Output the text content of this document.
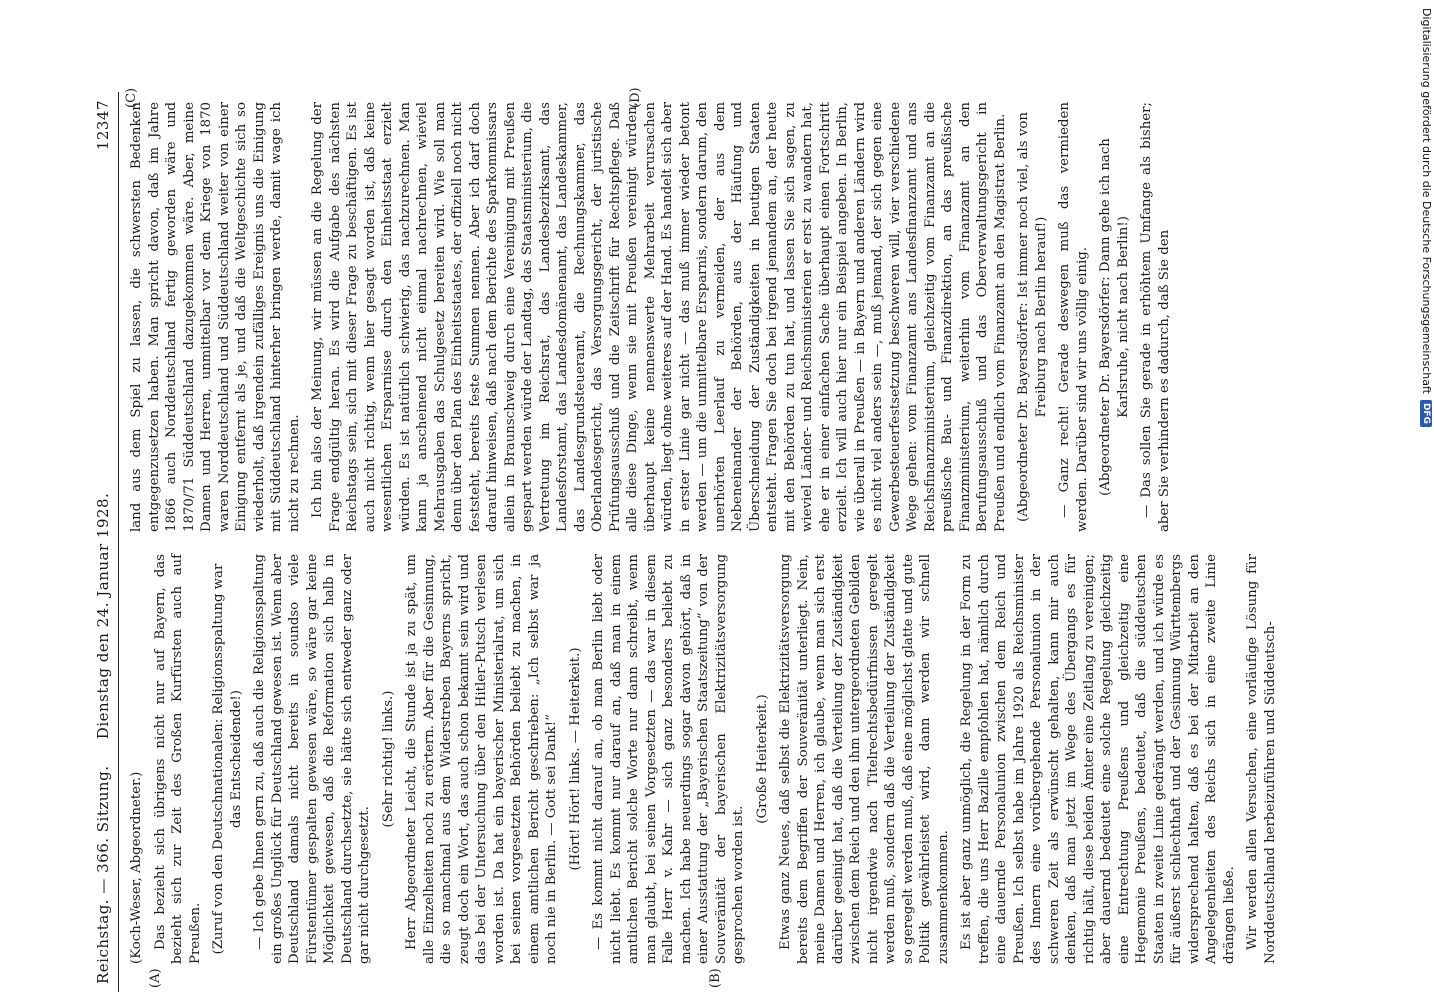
Reichstag. — 366. Sitzung.     Dienstag den 24. Januar 1928.
12347
(A)	(B)
(C)	(D)

(Koch-Weser, Abgeordneter.) Das bezieht sich übrigens nicht nur auf Bayern, das bezieht sich zur Zeit des Großen Kurfürsten auch auf Preußen. (Zuruf von den Deutschnationalen: Religionsspaltung war das Entscheidende!) — Ich gebe Ihnen gern zu, daß auch die Religionsspaltung ein großes Unglück für Deutschland gewesen ist. Wenn aber Deutschland damals nicht bereits in soundso viele Fürstentümer gespalten gewesen wäre, so wäre gar keine Möglichkeit gewesen, daß die Reformation sich halb in Deutschland durchsetzte, sie hätte sich entweder ganz oder gar nicht durchgesetzt.

(Sehr richtig! links.) Herr Abgeordneter Leicht, die Stunde ist ja zu spät, um alle Einzelheiten noch zu erörtern. Aber für die Gesinnung, die so manchmal aus dem Widerstreben Bayerns spricht, zeugt doch ein Wort, das auch schon bekannt sein wird und das bei der Untersuchung über den Hitler-Putsch verlesen worden ist. Da hat ein bayerischer Ministerialrat, um sich bei seinen vorgesetzten Behörden beliebt zu machen, in einem amtlichen Bericht geschrieben: „Ich selbst war ja noch nie in Berlin. — Gott sei Dank!“ (Hört! Hört! links. — Heiterkeit.) — Es kommt nicht darauf an, ob man Berlin liebt oder nicht liebt. Es kommt nur darauf an, daß man in einem amtlichen Bericht solche Worte nur dann schreibt, wenn man glaubt, bei seinen Vorgesetzten — das war in diesem Falle Herr v. Kahr — sich ganz besonders beliebt zu machen. Ich habe neuerdings sogar davon gehört, daß in einer Ausstattung der „Bayerischen Staatszeitung“ von der Souveränität der bayerischen Elektrizitätsversorgung gesprochen worden ist.

(Große Heiterkeit.) Etwas ganz Neues, daß selbst die Elektrizitätsversorgung bereits dem Begriffen der Souveränität unterliegt. Nein, meine Damen und Herren, ich glaube, wenn man sich erst darüber geeinigt hat, daß die Verteilung der Zuständigkeit zwischen dem Reich und den ihm untergeordneten Gebilden nicht irgendwie nach Titelrechtsbedürfnissen geregelt werden muß, sondern daß die Verteilung der Zuständigkeit so geregelt werden muß, daß eine möglichst glatte und gute Politik gewährleistet wird, dann werden wir schnell zusammenkommen. Es ist aber ganz unmöglich, die Regelung in der Form zu treffen, die uns Herr Bazille empfohlen hat, nämlich durch eine dauernde Personalunion zwischen dem Reich und Preußen. Ich selbst habe im Jahre 1920 als Reichsminister des Innern eine vorübergehende Personalunion in der schweren Zeit als erwünscht gehalten, kann mir auch denken, daß man jetzt im Wege des Übergangs es für richtig hält, diese beiden Ämter eine Zeitlang zu vereinigen; aber dauernd bedeutet eine solche Regelung gleichzeitig eine Entrechtung Preußens und gleichzeitig eine Hegemonie Preußens, bedeutet, daß die süddeutschen Staaten in zweite Linie gedrängt werden, und ich würde es für äußerst schlechthaft und der Gesinnung Württembergs widersprechend halten, daß es bei der Mitarbeit an den Angelegenheiten des Reichs sich in eine zweite Linie drängen ließe. Wir werden allen Versuchen, eine vorläufige Lösung für Norddeutschland herbeizuführen und Süddeutsch-

land aus dem Spiel zu lassen, die schwersten Bedenken entgegenzusetzen haben. Man spricht davon, daß im Jahre 1866 auch Norddeutschland fertig geworden wäre und 1870/71 Süddeutschland dazugekommen wäre. Aber, meine Damen und Herren, unmittelbar vor dem Kriege von 1870 waren Norddeutschland und Süddeutschland weiter von einer Einigung entfernt als je, und daß die Weltgeschichte sich so wiederholt, daß irgendein zufälliges Ereignis uns die Einigung mit Süddeutschland hinterher bringen werde, damit wage ich nicht zu rechnen. Ich bin also der Meinung, wir müssen an die Regelung der Frage endgültig heran. Es wird die Aufgabe des nächsten Reichstags sein, sich mit dieser Frage zu beschäftigen. Es ist auch nicht richtig, wenn hier gesagt worden ist, daß keine wesentlichen Ersparnisse durch den Einheitsstaat erzielt würden. Es ist natürlich schwierig, das nachzurechnen. Man kann ja anscheinend nicht einmal nachrechnen, wieviel Mehrausgaben das Schulgesetz bereiten wird. Wie soll man denn über den Plan des Einheitsstaates, der offiziell noch nicht feststeht, bereits feste Summen nennen. Aber ich darf doch darauf hinweisen, daß nach dem Berichte des Sparkommissars allein in Braunschweig durch eine Vereinigung mit Preußen gespart werden würde der Landtag, das Staatsministerium, die Vertretung im Reichsrat, das Landesbezirksamt, das Landesforstamt, das Landesdomänenamt, das Landeskammer, das Landesgrundsteueramt, die Rechnungskammer, das Oberlandesgericht, das Versorgungsgericht, der juristische Prüfungsausschuß und die Zeitschrift für Rechtspflege. Daß alle diese Dinge, wenn sie mit Preußen vereinigt würden, überhaupt keine nennenswerte Mehrarbeit verursachen würden, liegt ohne weiteres auf der Hand. Es handelt sich aber in erster Linie gar nicht — das muß immer wieder betont werden — um die unmittelbare Ersparnis, sondern darum, den unerhörten Leerlauf zu vermeiden, der aus dem Nebeneinander der Behörden, aus der Häufung und Überschneidung der Zuständigkeiten in heutigen Staaten entsteht. Fragen Sie doch bei irgend jemandem an, der heute mit den Behörden zu tun hat, und lassen Sie sich sagen, zu wieviel Länder- und Reichsministerien er erst zu wandern hat, ehe er in einer einfachen Sache überhaupt einen Fortschritt erzielt. Ich will auch hier nur ein Beispiel angeben. In Berlin, wie überall in Preußen — in Bayern und anderen Ländern wird es nicht viel anders sein —, muß jemand, der sich gegen eine Gewerbesteuerfestsetzung beschweren will, vier verschiedene Wege gehen: vom Finanzamt ans Landesfinanzamt und ans Reichsfinanzministerium, gleichzeitig vom Finanzamt an die preußische Bau- und Finanzdirektion, an das preußische Finanzministerium, weiterhin vom Finanzamt an den Berufungsausschuß und das Oberverwaltungsgericht in Preußen und endlich vom Finanzamt an den Magistrat Berlin. (Abgeordneter Dr. Bayersdörfer: Ist immer noch viel, als von Freiburg nach Berlin herauf!) — Ganz recht! Gerade deswegen muß das vermieden werden. Darüber sind wir uns völlig einig. (Abgeordneter Dr. Bayersdörfer: Dann gehe ich nach Karlsruhe, nicht nach Berlin!) — Das sollen Sie gerade in erhöhtem Umfange als bisher; aber Sie verhindern es dadurch, daß Sie den	Digitalisierung gefördert durch die Deutsche Forschungsgemeinschaft
DFG
